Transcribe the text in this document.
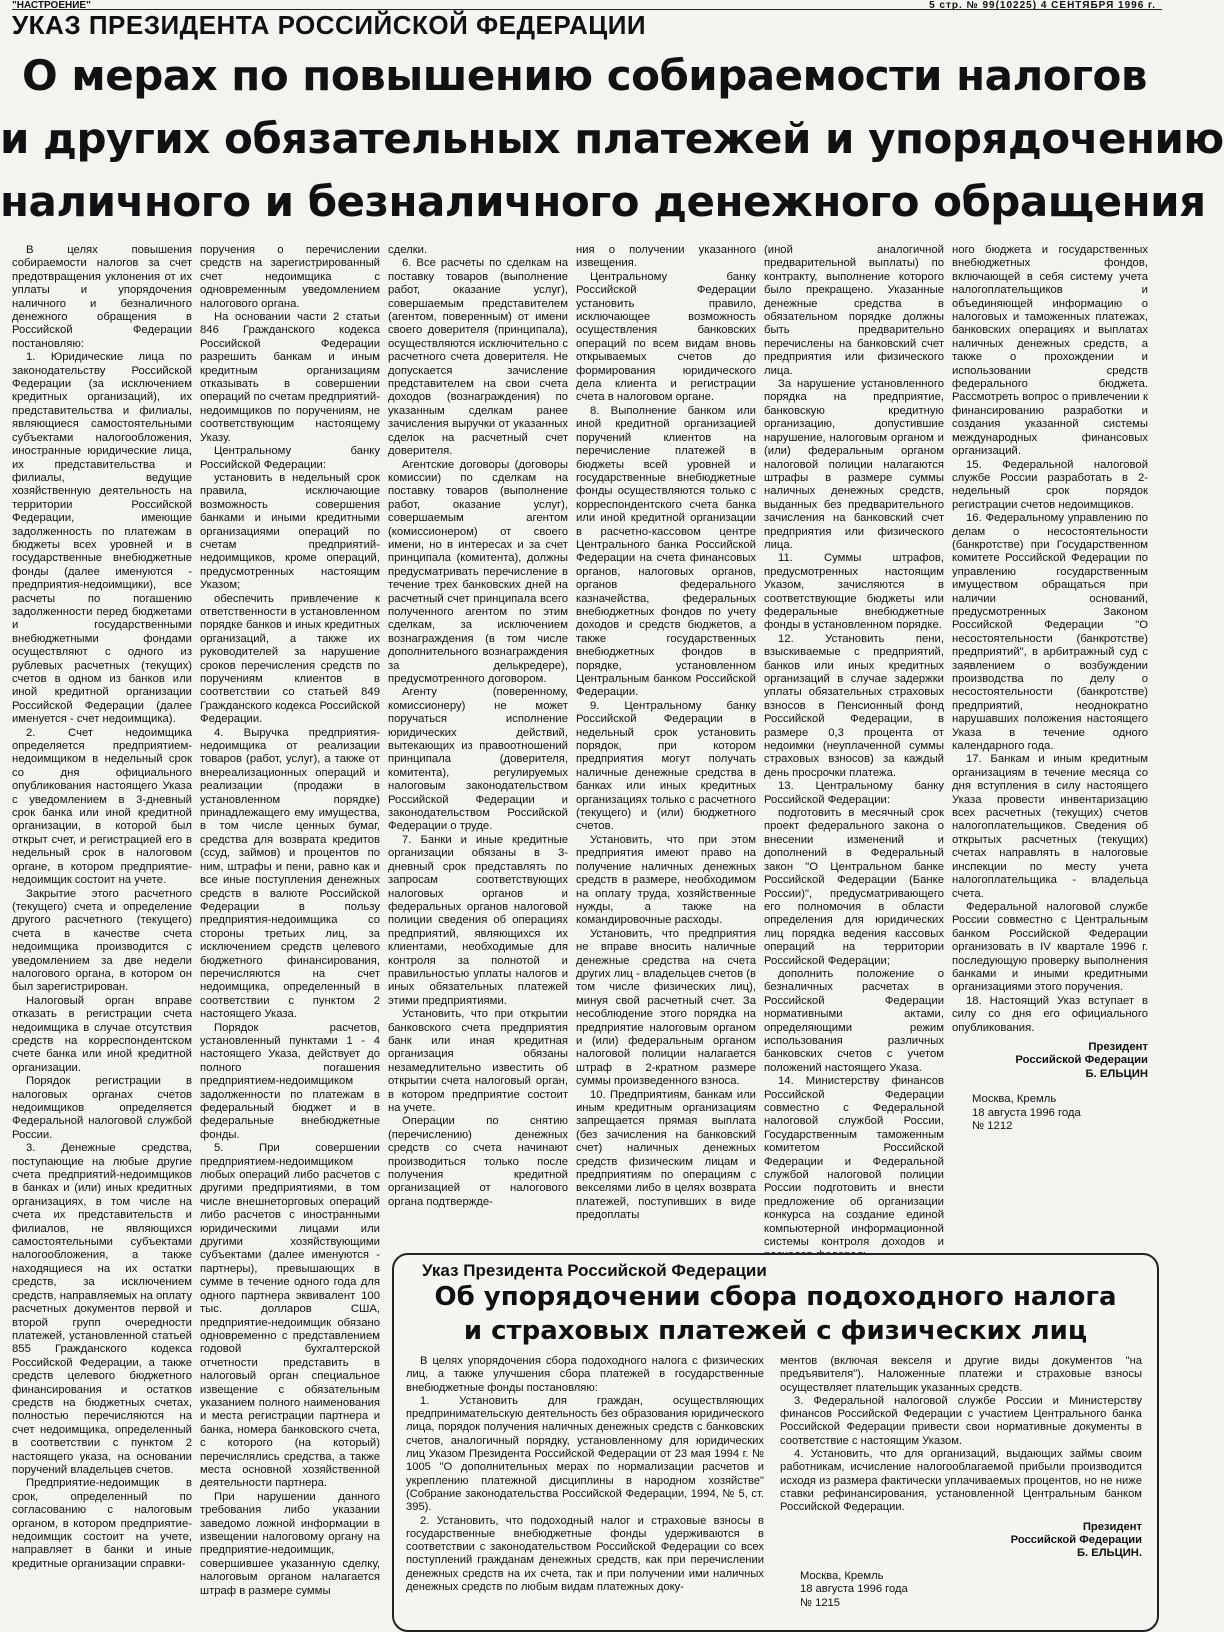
"НАСТРОЕНИЕ"	5 стр. № 99(10225) 4 СЕНТЯБРЯ 1996 г.
УКАЗ ПРЕЗИДЕНТА РОССИЙСКОЙ ФЕДЕРАЦИИ
О мерах по повышению собираемости налогов
и других обязательных платежей и упорядочению
наличного и безналичного денежного обращения

В целях повышения собираемости налогов за счет предотвращения уклонения от их уплаты и упорядочения наличного и безналичного денежного обращения в Российской Федерации постановляю:

1. Юридические лица по законодательству Российской Федерации (за исключением кредитных организаций), их представительства и филиалы, являющиеся самостоятельными субъектами налогообложения, иностранные юридические лица, их представительства и филиалы, ведущие хозяйственную деятельность на территории Российской Федерации, имеющие задолженность по платежам в бюджеты всех уровней и в государственные внебюджетные фонды (далее именуются - предприятия-недоимщики), все расчеты по погашению задолженности перед бюджетами и государственными внебюджетными фондами осуществляют с одного из рублевых расчетных (текущих) счетов в одном из банков или иной кредитной организации Российской Федерации (далее именуется - счет недоимщика).

2. Счет недоимщика определяется предприятием-недоимщиком в недельный срок со дня официального опубликования настоящего Указа с уведомлением в 3-дневный срок банка или иной кредитной организации, в которой был открыт счет, и регистрацией его в недельный срок в налоговом органе, в котором предприятие-недоимщик состоит на учете.

Закрытие этого расчетного (текущего) счета и определение другого расчетного (текущего) счета в качестве счета недоимщика производится с уведомлением за две недели налогового органа, в котором он был зарегистрирован.

Налоговый орган вправе отказать в регистрации счета недоимщика в случае отсутствия средств на корреспондентском счете банка или иной кредитной организации.

Порядок регистрации в налоговых органах счетов недоимщиков определяется Федеральной налоговой службой России.

3. Денежные средства, поступающие на любые другие счета предприятий-недоимщиков в банках и (или) иных кредитных организациях, в том числе на счета их представительств и филиалов, не являющихся самостоятельными субъектами налогообложения, а также находящиеся на их остатки средств, за исключением средств, направляемых на оплату расчетных документов первой и второй групп очередности платежей, установленной статьей 855 Гражданского кодекса Российской Федерации, а также средств целевого бюджетного финансирования и остатков средств на бюджетных счетах, полностью перечисляются на счет недоимщика, определенный в соответствии с пунктом 2 настоящего указа, на основании поручений владельцев счетов.

Предприятие-недоимщик в срок, определенный по согласованию с налоговым органом, в котором предприятие-недоимщик состоит на учете, направляет в банки и иные кредитные организации справки-

поручения о перечислении средств на зарегистрированный счет недоимщика с одновременным уведомлением налогового органа.

На основании части 2 статьи 846 Гражданского кодекса Российской Федерации разрешить банкам и иным кредитным организациям отказывать в совершении операций по счетам предприятий-недоимщиков по поручениям, не соответствующим настоящему Указу.

Центральному банку Российской Федерации:

установить в недельный срок правила, исключающие возможность совершения банками и иными кредитными организациями операций по счетам предприятий-недоимщиков, кроме операций, предусмотренных настоящим Указом;

обеспечить привлечение к ответственности в установленном порядке банков и иных кредитных организаций, а также их руководителей за нарушение сроков перечисления средств по поручениям клиентов в соответствии со статьей 849 Гражданского кодекса Российской Федерации.

4. Выручка предприятия-недоимщика от реализации товаров (работ, услуг), а также от внереализационных операций и реализации (продажи в установленном порядке) принадлежащего ему имущества, в том числе ценных бумаг, средства для возврата кредитов (ссуд, займов) и процентов по ним, штрафы и пени, равно как и все иные поступления денежных средств в валюте Российской Федерации в пользу предприятия-недоимщика со стороны третьих лиц, за исключением средств целевого бюджетного финансирования, перечисляются на счет недоимщика, определенный в соответствии с пунктом 2 настоящего Указа.

Порядок расчетов, установленный пунктами 1 - 4 настоящего Указа, действует до полного погашения предприятием-недоимщиком задолженности по платежам в федеральный бюджет и в федеральные внебюджетные фонды.

5. При совершении предприятием-недоимщиком любых операций либо расчетов с другими предприятиями, в том числе внешнеторговых операций либо расчетов с иностранными юридическими лицами или другими хозяйствующими субъектами (далее именуются - партнеры), превышающих в сумме в течение одного года для одного партнера эквивалент 100 тыс. долларов США, предприятие-недоимщик обязано одновременно с представлением годовой бухгалтерской отчетности представить в налоговый орган специальное извещение с обязательным указанием полного наименования и места регистрации партнера и банка, номера банковского счета, с которого (на который) перечислялись средства, а также места основной хозяйственной деятельности партнера.

При нарушении данного требования либо указании заведомо ложной информации в извещении налоговому органу на предприятие-недоимщик, совершившее указанную сделку, налоговым органом налагается штраф в размере суммы

сделки.

6. Все расчеты по сделкам на поставку товаров (выполнение работ, оказание услуг), совершаемым представителем (агентом, поверенным) от имени своего доверителя (принципала), осуществляются исключительно с расчетного счета доверителя. Не допускается зачисление представителем на свои счета доходов (вознаграждения) по указанным сделкам ранее зачисления выручки от указанных сделок на расчетный счет доверителя.

Агентские договоры (договоры комиссии) по сделкам на поставку товаров (выполнение работ, оказание услуг), совершаемым агентом (комиссионером) от своего имени, но в интересах и за счет принципала (комитента), должны предусматривать перечисление в течение трех банковских дней на расчетный счет принципала всего полученного агентом по этим сделкам, за исключением вознаграждения (в том числе дополнительного вознаграждения за делькредере), предусмотренного договором.

Агенту (поверенному, комиссионеру) не может поручаться исполнение юридических действий, вытекающих из правоотношений принципала (доверителя, комитента), регулируемых налоговым законодательством Российской Федерации и законодательством Российской Федерации о труде.

7. Банки и иные кредитные организации обязаны в 3-дневный срок представлять по запросам соответствующих налоговых органов и федеральных органов налоговой полиции сведения об операциях предприятий, являющихся их клиентами, необходимые для контроля за полнотой и правильностью уплаты налогов и иных обязательных платежей этими предприятиями.

Установить, что при открытии банковского счета предприятия банк или иная кредитная организация обязаны незамедлительно известить об открытии счета налоговый орган, в котором предприятие состоит на учете.

Операции по снятию (перечислению) денежных средств со счета начинают производиться только после получения кредитной организацией от налогового органа подтвержде-

ния о получении указанного извещения.

Центральному банку Российской Федерации установить правило, исключающее возможность осуществления банковских операций по всем видам вновь открываемых счетов до формирования юридического дела клиента и регистрации счета в налоговом органе.

8. Выполнение банком или иной кредитной организацией поручений клиентов на перечисление платежей в бюджеты всей уровней и государственные внебюджетные фонды осуществляются только с корреспондентского счета банка или иной кредитной организации в расчетно-кассовом центре Центрального банка Российской Федерации на счета финансовых органов, налоговых органов, органов федерального казначейства, федеральных внебюджетных фондов по учету доходов и средств бюджетов, а также государственных внебюджетных фондов в порядке, установленном Центральным банком Российской Федерации.

9. Центральному банку Российской Федерации в недельный срок установить порядок, при котором предприятия могут получать наличные денежные средства в банках или иных кредитных организациях только с расчетного (текущего) и (или) бюджетного счетов.

Установить, что при этом предприятия имеют право на получение наличных денежных средств в размере, необходимом на оплату труда, хозяйственные нужды, а также на командировочные расходы.

Установить, что предприятия не вправе вносить наличные денежные средства на счета других лиц - владельцев счетов (в том числе физических лиц), минуя свой расчетный счет. За несоблюдение этого порядка на предприятие налоговым органом и (или) федеральным органом налоговой полиции налагается штраф в 2-кратном размере суммы произведенного взноса.

10. Предприятиям, банкам или иным кредитным организациям запрещается прямая выплата (без зачисления на банковский счет) наличных денежных средств физическим лицам и предприятиям по операциям с векселями либо в целях возврата платежей, поступивших в виде предоплаты

(иной аналогичной предварительной выплаты) по контракту, выполнение которого было прекращено. Указанные денежные средства в обязательном порядке должны быть предварительно перечислены на банковский счет предприятия или физического лица.

За нарушение установленного порядка на предприятие, банковскую кредитную организацию, допустившие нарушение, налоговым органом и (или) федеральным органом налоговой полиции налагаются штрафы в размере суммы наличных денежных средств, выданных без предварительного зачисления на банковский счет предприятия или физического лица.

11. Суммы штрафов, предусмотренных настоящим Указом, зачисляются в соответствующие бюджеты или федеральные внебюджетные фонды в установленном порядке.

12. Установить пени, взыскиваемые с предприятий, банков или иных кредитных организаций в случае задержки уплаты обязательных страховых взносов в Пенсионный фонд Российской Федерации, в размере 0,3 процента от недоимки (неуплаченной суммы страховых взносов) за каждый день просрочки платежа.

13. Центральному банку Российской Федерации:

подготовить в месячный срок проект федерального закона о внесении изменений и дополнений в Федеральный закон "О Центральном банке Российской Федерации (Банке России)", предусматривающего его полномочия в области определения для юридических лиц порядка ведения кассовых операций на территории Российской Федерации;

дополнить положение о безналичных расчетах в Российской Федерации нормативными актами, определяющими режим использования различных банковских счетов с учетом положений настоящего Указа.

14. Министерству финансов Российской Федерации совместно с Федеральной налоговой службой России, Государственным таможенным комитетом Российской Федерации и Федеральной службой налоговой полиции России подготовить и внести предложение об организации конкурса на создание единой компьютерной информационной системы контроля доходов и

ного бюджета и государственных внебюджетных фондов, включающей в себя систему учета налогоплательщиков и объединяющей информацию о налоговых и таможенных платежах, банковских операциях и выплатах наличных денежных средств, а также о прохождении и использовании средств федерального бюджета. Рассмотреть вопрос о привлечении к финансированию разработки и создания указанной системы международных финансовых организаций.

15. Федеральной налоговой службе России разработать в 2-недельный срок порядок регистрации счетов недоимщиков.

16. Федеральному управлению по делам о несостоятельности (банкротстве) при Государственном комитете Российской Федерации по управлению государственным имуществом обращаться при наличии оснований, предусмотренных Законом Российской Федерации "О несостоятельности (банкротстве) предприятий", в арбитражный суд с заявлением о возбуждении производства по делу о несостоятельности (банкротстве) предприятий, неоднократно нарушавших положения настоящего Указа в течение одного календарного года.

17. Банкам и иным кредитным организациям в течение месяца со дня вступления в силу настоящего Указа провести инвентаризацию всех расчетных (текущих) счетов налогоплательщиков. Сведения об открытых расчетных (текущих) счетах направлять в налоговые инспекции по месту учета налогоплательщика - владельца счета.

Федеральной налоговой службе России совместно с Центральным банком Российской Федерации организовать в IV квартале 1996 г. последующую проверку выполнения банками и иными кредитными организациями этого поручения.

18. Настоящий Указ вступает в силу со дня его официального опубликования.

Президент

Российской Федерации

Б. ЕЛЬЦИН

Москва, Кремль

18 августа 1996 года

№ 1212

Указ Президента Российской Федерации
Об упорядочении сбора подоходного налога
и страховых платежей с физических лиц

В целях упорядочения сбора подоходного налога с физических лиц, а также улучшения сбора платежей в государственные внебюджетные фонды постановляю:

1. Установить для граждан, осуществляющих предпринимательскую деятельность без образования юридического лица, порядок получения наличных денежных средств с банковских счетов, аналогичный порядку, установленному для юридических лиц Указом Президента Российской Федерации от 23 мая 1994 г. № 1005 "О дополнительных мерах по нормализации расчетов и укреплению платежной дисциплины в народном хозяйстве" (Собрание законодательства Российской Федерации, 1994, № 5, ст. 395).

2. Установить, что подоходный налог и страховые взносы в государственные внебюджетные фонды удерживаются в соответствии с законодательством Российской Федерации со всех поступлений гражданам денежных средств, как при перечислении денежных средств на их счета, так и при получении ими наличных денежных средств по любым видам платежных доку-

ментов (включая векселя и другие виды документов "на предъявителя"). Наложенные платежи и страховые взносы осуществляет плательщик указанных средств.

3. Федеральной налоговой службе России и Министерству финансов Российской Федерации с участием Центрального банка Российской Федерации привести свои нормативные документы в соответствие с настоящим Указом.

4. Установить, что для организаций, выдающих займы своим работникам, исчисление налогооблагаемой прибыли производится исходя из размера фактически уплачиваемых процентов, но не ниже ставки рефинансирования, установленной Центральным банком Российской Федерации.

Президент

Российской Федерации

Б. ЕЛЬЦИН.

Москва, Кремль

18 августа 1996 года

№ 1215
